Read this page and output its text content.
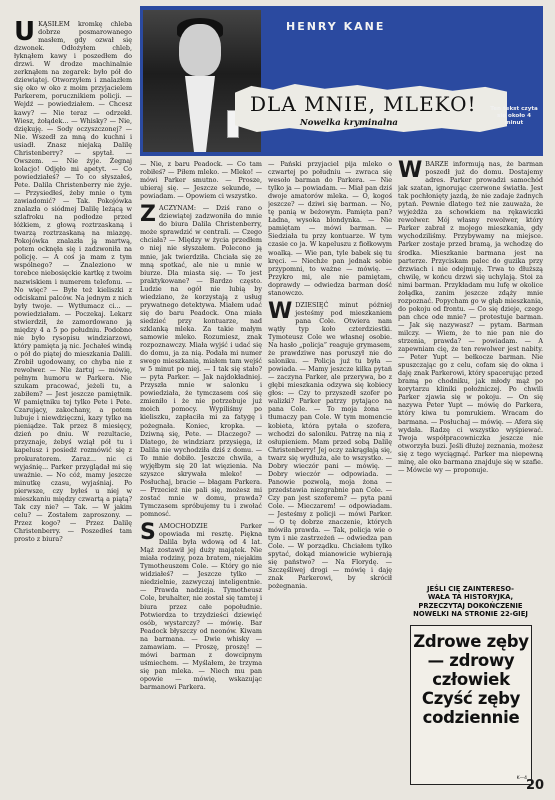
U KĄSIŁEM kromkę chleba dobrze posmarowanego masłem, gdy ozwał się dzwonek. Odłożyłem chleb, łyknąłem kawy i poszedłem do drzwi. W drodze machinalnie zerknąłem na zegarek: było pół do dziewiątej. Otworzyłem i znalazłem się oko w oko z moim przyjacielem Parkerem, porucznikiem policji. — Wejdź — powiedziałem. — Chcesz kawy? — Nie teraz — odrzekł. Wiesz, żołądek... — Whisky? — Nie, dziękuję. — Sody oczyszczonej? — Nie. Wszedł za mną do kuchni i usiadł. Znasz niejaką Dalilę Christenberry? — spytał. — Owszem. — Nie żyje. Żegnaj kolacjo! Odjęło mi apetyt. — Co powiedziałeś? — To co słyszałeś, Pete. Dalila Christenberry nie żyje. — Przysiedłeś, żeby mnie o tym zawiadomić? — Tak. Pokojówka znalazła o siódmej Dalilę leżącą w szlafroku na podłodze przed łóżkiem, z głową roztrzaskaną i twarzą roztrzaskaną na miazgę. Pokojówka znalazła ją martwą, potem ocknęła się i zadzwoniła na policję. — A coś ja mam z tym wspólnego? — Znaleziono w torebce niebosięckie kartkę z twoim nazwiskiem i numerem telefonu. — No więc? — Byłe też kieliszki z odciskami palców. Na jednym z nich były twoje. — Wytłumacz ci... — powiedziałam. — Poczekaj. Lekarz stwierdził, że zamordowano ją między 4 a 5 po południu. Podobno nie było rysopisu windziarzowi, który pamięta ją nic. Jechałeś windą o pół do piątej do mieszkania Dalili. Zrobił ugodowany, co chyba nie z rewolwer. — Nie żartuj — mówię, pełnym humoru w Parkera. Nie szukam pracować, jeżeli tu, a zabiłem? — Jest jeszcze pamiętnik. W pamiętniku tej tylko Pete i Pete. Czarujący, zakochany, a potem lubuje i niewdzięczni, kazy tylko na pieniądze. Tak przez 8 miesięcy, dzień po dniu. W rezultacie, przyznaje, żebyś wziął pół tu i kapelusz i posiedź rozmówić się z prokuratorem. Zaraz... nic ci wyjaśnię... Parker przyglądał mi się uważnie. — No cóż, mamy jeszcze minutkę czasu, wyjaśniaj. Po pierwsze, czy byłeś u niej w mieszkaniu między czwartą a piątą? Tak czy nie? — Tak. — W jakim celu? — Zostałem zaproszony. — Przez kogo? — Przez Dalilę Christenberry. — Poszedłeś tam prosto z biura?

HENRY KANE
DLA MNIE, MLEKO!
Nowelka kryminalna
Ten tekst czyta się około 4 minut

— Nie, z baru Peadock. — Co tam robiłeś? — Piłem mleko. — Mleko! — mówi Parker smutno. — Prosze, ubieraj się. — Jeszcze sekunde, — powiadam. — Opowiem ci wszystko.

Z ACZYNAM: — Dziś rano o dziewiątej zadzwoniła do mnie do biura Dalila Christenberry, może sprawdzić w centrali. — Czego chciała? — Między w życia przedłem o niej nie słyszałem. Polecono ją mnie, jak twierdziła. Chciała się ze mną spotkać, ale nie u mnie w biurze. Dla miasta się. — To jest praktykowane? — Bardzo często. Ludzie na ogół nie lubią by wiedziano, że korzystają z usług prywatnego detektywa. Miałem udać się do baru Peadock. Ona miała siedzieć przy kontuarze, nad szklanką mleka. Za takie małym samowie mleko. Rozumiesz, znak rozpoznawczy. Miała wyjść i udać się do domu, ja za nią. Podała mi numer swego mieszkania, miałem tam wejść w 5 minut po niej. — I tak się stało? — pyta Parker. — Jak najdokładniej. Przyszła mnie w salonku i powiedziała, że tymczasem coś się zmieniło i że nie potrzebuje już moich pomocy. Wypiliśmy po kieliszku, zapłaciła mi za fatygę i pożegnała. Koniec, kropka. — Dziwną się, Pete. — Dlaczego? — Dlatego, że windziarz przysięga, iż Dalila nie wychodziła dziś z domu. — To mnie dobiło. Jeszcze chwila, a wyjęłbym się 20 lat więzienia. Na szyszce skrywała mleko! — Posłuchaj, bracie — błagam Parkera. — Przecież nie pali się, możesz mi zostać mnie w domu, prawda? Tymczasem spróbujemy tu i zwołać pomnosć.

S AMOCHODZIE Parker opowiada mi resztę. Piękna Dalila była wdową od 4 lat. Mąż zostawił jej duży majątek. Nie miała rodziny, poza bratem, niejakim Tymotheuszem Cole. — Który go nie widziałeś? — Jeszcze tylko — niedzielnie, zazwyczaj inteligentnie. — Prawda nadzieja. Tymotheusz Cole, bruhalter, nie został się tamtej i biura przez całe popołudnie. Potwierdza to trzydzieści dziewięć osób, wystarczy? — mówię. Bar Peadock błyszczy od neonów. Kiwam na barmana. — Dwie whisky — zamawiam. — Proszę, proszę! — mówi barman z dowcipnym uśmiechem. — Myślałem, że trzyma się pan mleka. — Niech mu pan opowie — mówię, wskazując barmanowi Parkera.

— Pański przyjaciel pija mleko o czwartej po południu — zwraca się wesoło barman do Parkera. — Nie tylko ja — powiadam. — Miał pan dziś dwoje amatorów mleka. — O, kogoś jeszcze? — dziwi się barman. — No, tę panią w beżowym. Pamięta pan? Ładna, wysoka blondynka. — Nie pamiętam — mówi barman. — Siedziała tu przy kontuarze. W tym czasie co ja. W kapeluszu z fiołkowym woalką. — Wie pan, tyle babek się tu kręci. — Niechże pan jednak sobie przypomni, to ważne — mówię. — Przykro mi, ale nie pamiętam, doprawdy — odwiedza barman dość stanowczo.

W DZIESIĘĆ minut później jesteśmy pod mieszkaniem pana Cole. Otwiera nam wątły typ koło czterdziestki. Tymoteusz Cole we własnej osobie. Na hasło „policja” reaguje grymasem, że prawdziwe nas poruszył nie do saloniku. — Policja już tu była — powiada. — Mamy jeszcze kilka pytań — zaczyna Parker, ale przerywa, bo z głębi mieszkania odzywa się kobiecy głos: — Czy to przyszedł szofer po walizki? Parker patrzy pytająco na pana Cole. — To moja żona — tłumaczy pan Cole. W tym momencie kobieta, która pytała o szofera, wchodzi do saloniku. Patrzę na nią z osłupieniem. Mam przed sobą Dalilę Christenberry! Jej oczy zakrągłają się, twarz się wydłuża, ale to wszystko. — Dobry wieczór pani — mówię. — Dobry wieczór — odpowiada. — Panowie pozwolą, moja żona — przedstawia niezgrabnie pan Cole. — Czy pan jest szoferem? — pyta pani Cole. — Mieczarem! — odpowiadam. — Jesteśmy z policji — mówi Parker. — O tę dobrze znaczenie, których mówiła prawda. — Tak, policja wie o tym i nie zastrzeżeń — odwiedza pan Cole. — W porządku. Chciałem tylko spytać, dokąd mianowicie wybierają się państwo? — Na Florydę. — Szczęśliwej drogi — mówię i daję znak Parkerowi, by skrócił pożegnania.

W BARZE informują nas, że barman poszedł już do domu. Dostajemy adres. Parker prowadzi samochód jak szatan, ignorując czerwone światła. Jest tak pochłonięty jazdą, że nie zadaje żadnych pytań. Pewnie dlatego też nie zauważa, że wyjeżdża za schowkiem na rękawiczki rewolwer. Mój własny rewolwer, który Parker zabrał z mojego mieszkania, gdy wychodziliśmy. Przybywamy na miejsce. Parker zostaje przed bramą, ja wchodzę do środka. Mieszkanie barmana jest na parterze. Przyciskam palec do guzika przy drzwiach i nie odejmuję. Trwa to dłuższą chwilę, w końcu drzwi się uchylają. Stoi za nimi barman. Przykładam mu lufę w okolice żołądka, zanim jeszcze zdąży mnie rozpoznać. Popycham go w głąb mieszkania, do pokoju od frontu. — Co się dzieje, czego pan chce ode mnie? — protestuje barman. — Jak się nazywasz? — pytam. Barman milczy. — Wiem, że to nie pan nie do strzenia, prawda? — powiadam. — A zapewniam cię, że ten rewolwer jest nabity. — Peter Yupt — bełkocze barman. Nie spuszczając go z celu, cofam się do okna i daję znak Parkerowi, który spacerując przed bramą po chodniku, jak młody mąż po korytarzu kliniki położniczej. Po chwili Parker zjawia się w pokoju. — On się nazywa Peter Yupt — mówię do Parkera, który kiwa tu pomrukiem. Wracam do barmana. — Posłuchaj — mówię. — Afera się wydała. Radzę ci wszystko wyśpiewać. Twoja współpracowniczka jeszcze nie otworzyła buzi. Jeśli dłużej zeznania, możesz się z tego wyciągnąć. Parker ma niepewną minę, ale oko barmana znajduje się w szafie. — Mówcie wy — proponuje.

JEŚLI CIĘ ZAINTERESO-
WAŁA TA HISTORYJKA,
PRZECZYTAJ DOKOŃCZENIE
NOWELKI NA STRONIE 22-GIEJ
Zdrowe zęby
— zdrowy
człowiek
Czyść zęby
codziennie
K—4 20
